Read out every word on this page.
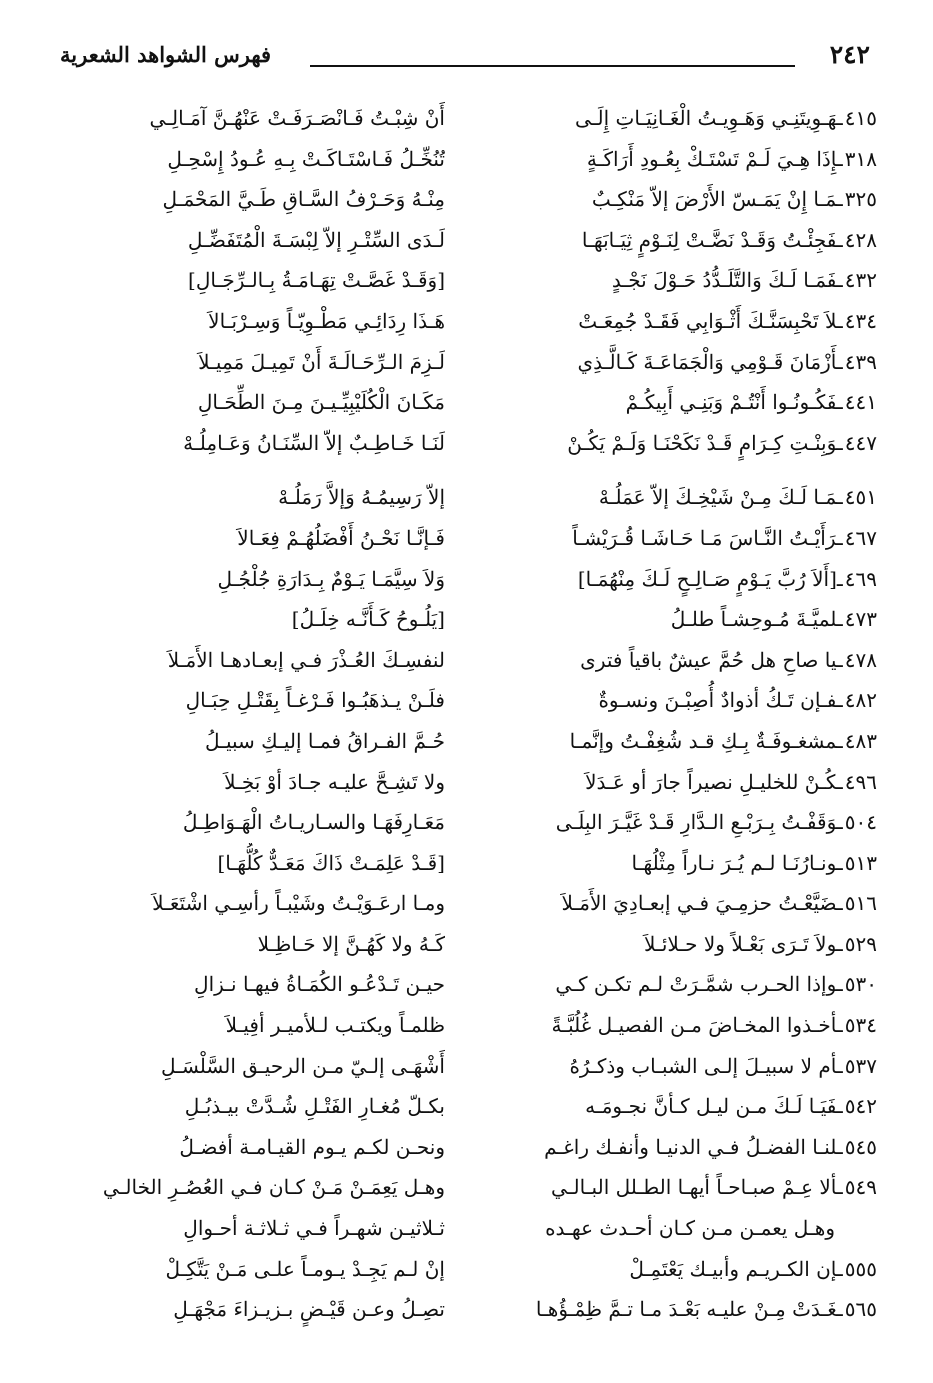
٢٤٢
فهرس الشواهد الشعرية
٤١٥
ـهَـوِيتَنِـي وَهَـوِيـتُ الْغَـانِيَـاتِ إِلَـى
٣١٨
ـإِذَا هِـيَ لَـمْ تَسْتَـكْ بِعُـودِ أَرَاكَـةٍ
٣٢٥
ـمَـا إِنْ يَمَـسّ الأَرْضَ إلاّ مَنْكِـبٌ
٤٢٨
ـفَجِئْـتُ وَقَـدْ نَضَّـتْ لِنَـوْمٍ ثِيَـابَهَـا
٤٣٢
ـفَمَـا لَـكَ وَالتَّلَـدُّدُ حَـوْلَ نَجْـدٍ
٤٣٤
ـلاَ تَحْبِسَنَّـكَ أَثْـوَابِي فَقَـدْ جُمِعَـتْ
٤٣٩
ـأَزْمَانَ قَـوْمِي وَالْجَمَاعَـةَ كَـالَّـذِي
٤٤١
ـفَكُـونُـوا أَنْتُـمْ وَبَنِـي أَبِيكُـمْ
٤٤٧
ـوَبِنْـتِ كِـرَامٍ قَـدْ نَكَحْنَـا وَلَـمْ يَكُـنْ
٤٥١
ـمَـا لَـكَ مِـنْ شَيْخِـكَ إلاّ عَمَلُـهْ
٤٦٧
ـرَأَيْـتُ النَّـاسَ مَـا حَـاشَـا قُـرَيْشـاً
٤٦٩
ـ[أَلاَ رُبَّ يَـوْمٍ صَـالِـحٍ لَـكَ مِنْهُمَـا]
٤٧٣
ـلميَّـةَ مُـوحِشـاً طلـلُ
٤٧٨
ـيا صاحِ هل حُمَّ عيشٌ باقياً فترى
٤٨٢
ـفـإن تَـكُ أذوادٌ أُصِبْـنَ ونسـوةٌ
٤٨٣
ـمشغـوفَـةٌ بِـكِ قـد شُغِفْـتُ وإنَّمـا
٤٩٦
ـكُـنْ للخليـلِ نصيراً جارَ أو عَـدَلاَ
٥٠٤
ـوَقَفْـتُ بِـرَبْـعِ الـدَّارِ قَـدْ غَيَّـرَ البِلَـى
٥١٣
ـونـارُنَـا لـم يُـرَ نـاراً مِثْلُهَـا
٥١٦
ـضَيَّعْـتُ حزمِـيَ فـي إبعـادِيَ الأَمَـلاَ
٥٢٩
ـولاَ تَـرَى بَعْـلاً ولا حـلائـلاَ
٥٣٠
ـوإذا الحـرب شمَّـرَتْ لـم تكـن كـي
٥٣٤
ـأخـذوا المخـاضَ مـن الفصيـل غُلُبَّـةً
٥٣٧
ـأم لا سبيـلَ إلـى الشبـاب وذكـرُهُ
٥٤٢
ـفَيَـا لَـكَ مـن ليـل كـأنَّ نجـومَـه
٥٤٥
ـلنـا الفضـلُ فـي الدنيـا وأنفـك راغـم
٥٤٩
ـألا عِـمْ صبـاحـاً أيهـا الطـلل البـالـي
وهـل يعمـن مـن كـان أحـدث عهـده
٥٥٥
ـإن الكـريـم وأبيـك يَعْتَمِـلْ
٥٦٥
ـغَـدَتْ مِـنْ عليـه بَعْـدَ مـا تـمَّ ظِمْـؤُهـا
أَنْ شِبْـتُ فَـانْصَـرَفَـتْ عَنْهُـنَّ آمَـالِـي
تُنُخِّـلُ فَـاسْتَـاكَـتْ بِـهِ عُـودُ إِسْحِـلِ
مِنْـهُ وَحَـرْفُ السَّـاقِ طَـيَّ المَحْمَـلِ
لَـدَى السِّتْـرِ إلاّ لِبْسَـةَ الْمُتَفَضِّـلِ
[وَقَـدْ غَصَّـتْ تِهَـامَـةُ بِـالـرِّجَـالِ]
هَـذَا رِدَائِـي مَطْـوِيّـاً وَسِـرْبَـالاَ
لَـزِمَ الـرِّحَـالَـةَ أَنْ تَمِيـلَ مَمِيـلاَ
مَكَـانَ الْكُلَيْبِيِّـيـنَ مِـنَ الطِّحَـالِ
لَنَـا خَـاطِـبٌ إلاّ السِّنَـانُ وَعَـامِلُـهْ
إلاّ رَسِيمُـهُ وَإلاَّ رَمَلُـهْ
فَـإنَّـا نَحْـنُ أَفْضَلُهُـمْ فِعَـالاَ
وَلاَ سِيَّمَـا يَـوْمٌ بِـدَارَةِ جُلْجُـلِ
[يَلُـوحُ كَـأَنَّـه خِلَـلُ]
لنفسِـكَ العُـذْرَ فـي إبعـادهـا الأَمَـلاَ
فلَـنْ يـذهَبُـوا فَـرْغـاً بِقَتْـلِ حِبَـالِ
حُـمَّ الفـراقُ فمـا إليـكِ سبيـلُ
ولا تَشِـحَّ عليـه جـادَ أوْ بَخِـلاَ
مَعَـارِفَهَـا والسـاريـاتُ الْهَـوَاطِـلُ
[قَـدْ عَلِمَـتْ ذَاكَ مَعَـدٌّ كُلُّهَـا]
ومـا ارعَـوَيْـتُ وشَيْبـاً رأسِـي اشْتَعَـلاَ
كَـهُ ولا كَهُـنَّ إلا حَـاظِـلا
حيـن تَـدْعُـو الكُمَـاةُ فيهـا نـزالِ
ظلمـاً ويكتـب لـلأميـر أفِيـلاَ
أَشْهَـى إلـيّ مـن الرحيـق السَّلْسَـلِ
بكـلّ مُغـارِ الفَتْـلِ شُـدَّتْ بيـذبُـلِ
ونحـن لكـم يـوم القيـامـة أفضـلُ
وهـل يَعِمَـنْ مَـنْ كـان فـي العُصُـرِ الخالـي
ثـلاثيـن شهـراً فـي ثـلاثـة أحـوالِ
إنْ لـم يَجِـدْ يـومـاً علـى مَـنْ يَتَّكِـلْ
تصِـلُ وعـن قَيْـضٍ بـزيـزاءَ مَجْهَـلِ
